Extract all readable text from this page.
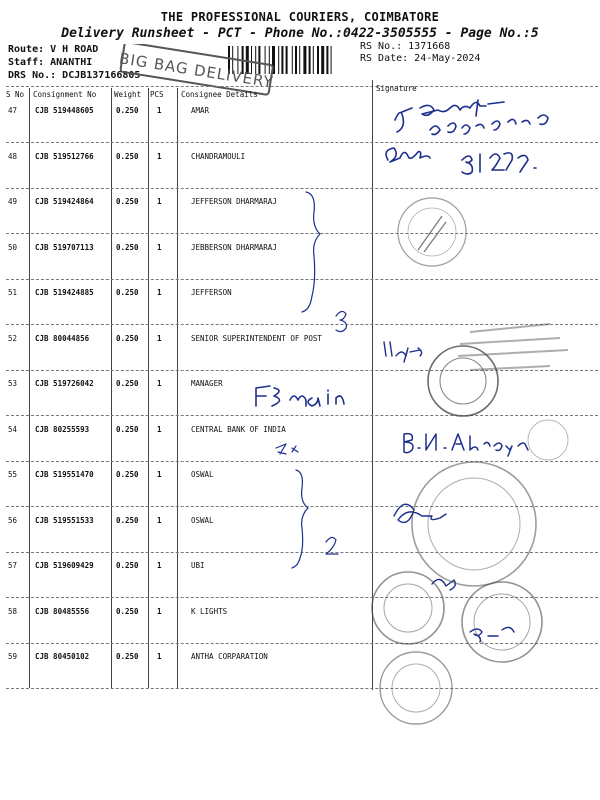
THE PROFESSIONAL COURIERS, COIMBATORE
Delivery Runsheet - PCT - Phone No.:0422-3505555 - Page No.:5
Route: V H ROAD
Staff: ANANTHI
DRS No.: DCJB137166805
RS No.: 1371668
RS Date: 24-May-2024
BIG BAG DELIVERY
S No Consignment No Weight PCS Consignee Details
Signature
47 CJB 519448605	0.250 1	AMAR
48 CJB 519512766	0.250 1	CHANDRAMOULI
49 CJB 519424864	0.250 1	JEFFERSON DHARMARAJ
50 CJB 519707113	0.250 1	JEBBERSON DHARMARAJ
51 CJB 519424885	0.250 1	JEFFERSON
52 CJB 80044856	0.250 1	SENIOR SUPERINTENDENT OF POST
53 CJB 519726042	0.250 1	MANAGER
54 CJB 80255593	0.250 1	CENTRAL BANK OF INDIA
55 CJB 519551470	0.250 1	OSWAL
56 CJB 519551533	0.250 1	OSWAL
57 CJB 519609429	0.250 1	UBI
58 CJB 80485556	0.250 1	K LIGHTS
59 CJB 80450102	0.250 1	ANTHA CORPARATION
